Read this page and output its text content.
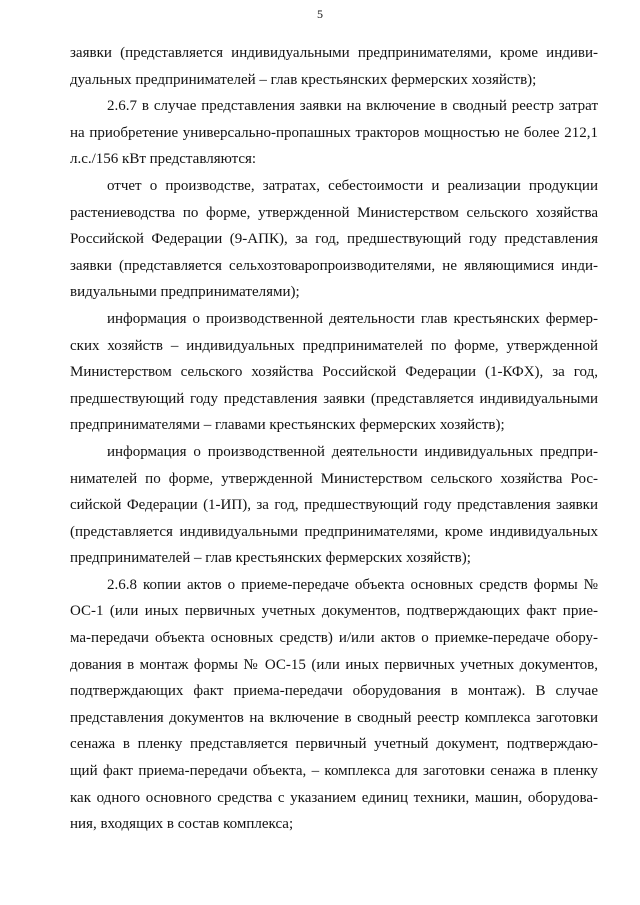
5
заявки (представляется индивидуальными предпринимателями, кроме индиви-
дуальных предпринимателей – глав крестьянских фермерских хозяйств);
2.6.7 в случае представления заявки на включение в сводный реестр затрат
на приобретение универсально-пропашных тракторов мощностью не более 212,1
л.с./156 кВт представляются:
отчет о производстве, затратах, себестоимости и реализации продукции
растениеводства по форме, утвержденной Министерством сельского хозяйства
Российской Федерации (9-АПК), за год, предшествующий году представления
заявки (представляется сельхозтоваропроизводителями, не являющимися инди-
видуальными предпринимателями);
информация о производственной деятельности глав крестьянских фермер-
ских хозяйств – индивидуальных предпринимателей по форме, утвержденной
Министерством сельского хозяйства Российской Федерации (1-КФХ), за год,
предшествующий году представления заявки (представляется индивидуальными
предпринимателями – главами крестьянских фермерских хозяйств);
информация о производственной деятельности индивидуальных предпри-
нимателей по форме, утвержденной Министерством сельского хозяйства Рос-
сийской Федерации (1-ИП), за год, предшествующий году представления заявки
(представляется индивидуальными предпринимателями, кроме индивидуальных
предпринимателей – глав крестьянских фермерских хозяйств);
2.6.8 копии актов о приеме-передаче объекта основных средств формы №
ОС-1 (или иных первичных учетных документов, подтверждающих факт прие-
ма-передачи объекта основных средств) и/или актов о приемке-передаче обору-
дования в монтаж формы № ОС-15 (или иных первичных учетных документов,
подтверждающих факт приема-передачи оборудования в монтаж). В случае
представления документов на включение в сводный реестр комплекса заготовки
сенажа в пленку представляется первичный учетный документ, подтверждаю-
щий факт приема-передачи объекта, – комплекса для заготовки сенажа в пленку
как одного основного средства с указанием единиц техники, машин, оборудова-
ния, входящих в состав комплекса;
